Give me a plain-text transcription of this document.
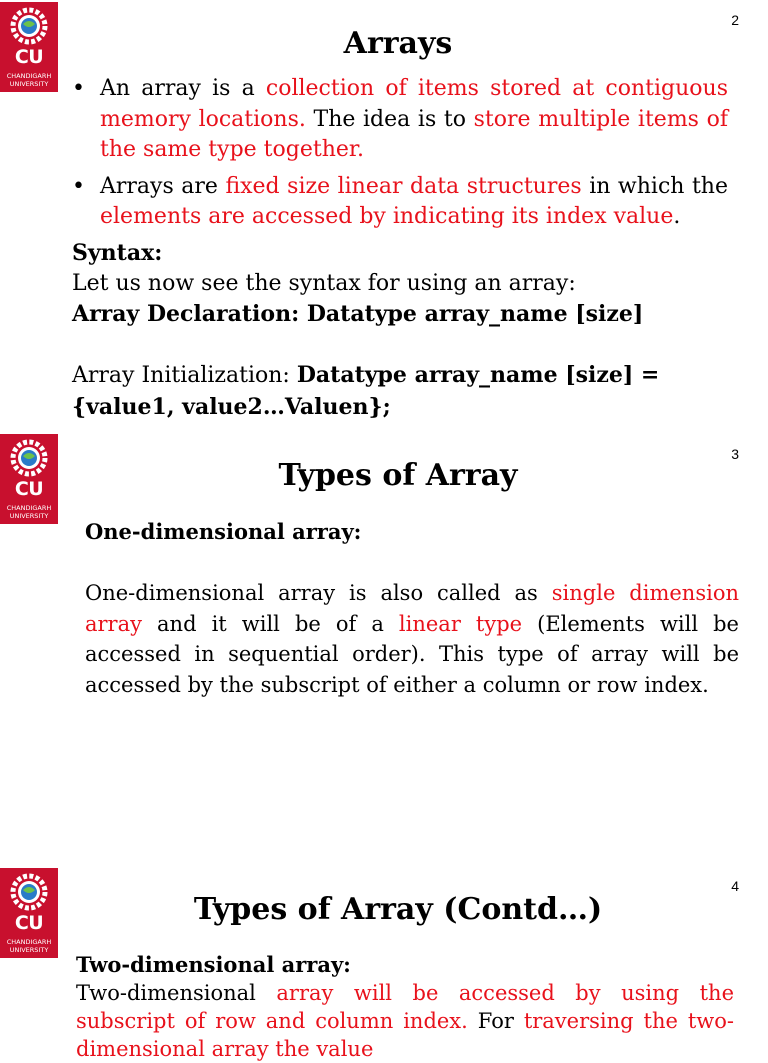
CU
CHANDIGARH
UNIVERSITY
2
Arrays

• An array is a collection of items stored at contiguous memory locations. The idea is to store multiple items of the same type together.

• Arrays are fixed size linear data structures in which the elements are accessed by indicating its index value.

Syntax:

Let us now see the syntax for using an array:

Array Declaration: Datatype array_name [size]

Array Initialization: Datatype array_name [size] = {value1, value2…Valuen};

CU
CHANDIGARH
UNIVERSITY
3
Types of Array

One-dimensional array:

One-dimensional array is also called as single dimension array and it will be of a linear type (Elements will be accessed in sequential order). This type of array will be accessed by the subscript of either a column or row index.

CU
CHANDIGARH
UNIVERSITY
4
Types of Array (Contd…)

Two-dimensional array:

Two-dimensional array will be accessed by using the subscript of row and column index. For traversing the two-dimensional array the value
